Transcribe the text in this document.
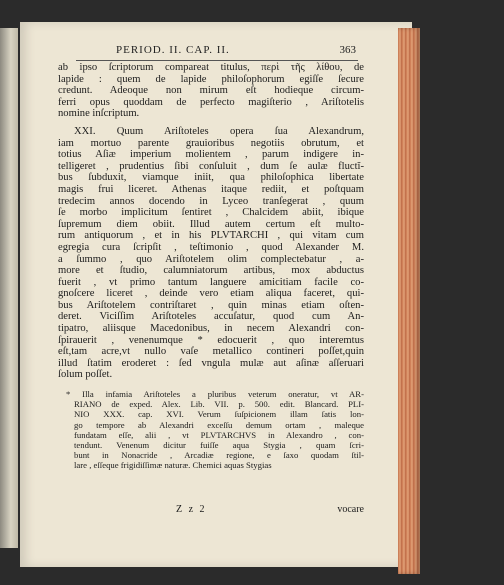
PERIOD. II. CAP. II.	363
ab ipso ſcriptorum compareat titulus, περὶ τῆς λίθου, de
lapide : quem de lapide philoſophorum egiſſe ſecure
credunt. Adeoque non mirum eſt hodieque circum-
ferri opus quoddam de perfecto magiſterio , Ariſtotelis
nomine inſcriptum.
XXI. Quum Ariſtoteles opera ſua Alexandrum,
iam mortuo parente grauioribus negotiis obrutum, et
totius Aſiæ imperium molientem , parum indigere in-
telligeret , prudentius ſibi conſuluit , dum ſe aulæ fluctĭ-
bus ſubduxit, viamque iniit, qua philoſophica libertate
magis frui liceret. Athenas itaque rediit, et poſtquam
tredecim annos docendo in Lyceo tranſegerat , quum
ſe morbo implicitum ſentiret , Chalcidem abiit, ibique
ſupremum diem obiit. Illud autem certum eſt multo-
rum antiquorum , et in his PLVTARCHI , qui vitam cum
egregia cura ſcripſit , teſtimonio , quod Alexander M.
a ſummo , quo Ariſtotelem olim complectebatur , a-
more et ſtudio, calumniatorum artibus, mox abductus
fuerit , vt primo tantum languere amicitiam facile co-
gnoſcere liceret , deinde vero etiam aliqua faceret, qui-
bus Ariſtotelem contriſtaret , quin minas etiam oſten-
deret. Viciſſim Ariſtoteles accuſatur, quod cum An-
tipatro, aliisque Macedonibus, in necem Alexandri con-
ſpirauerit , venenumque * edocuerit , quo interemtus
eſt,tam acre,vt nullo vaſe metallico contineri poſſet,quin
illud ſtatim eroderet : ſed vngula mulæ aut aſinæ aſſeruari
ſolum poſſet.
* Illa infamia Ariſtoteles a pluribus veterum oneratur, vt AR-
RIANO de exped. Alex. Lib. VII. p. 500. edit. Blancard. PLI-
NIO XXX. cap. XVI. Verum ſuſpicionem illam ſatis lon-
go tempore ab Alexandri exceſſu demum ortam , maleque
fundatam eſſe, alii , vt PLVTARCHVS in Alexandro , con-
tendunt. Venenum dicitur fuiſſe aqua Stygia , quam ſcri-
bunt in Nonacride , Arcadiæ regione, e ſaxo quodam ſtil-
lare , eſſeque frigidiſſimæ naturæ. Chemici aquas Stygias
Z z 2	vocare
